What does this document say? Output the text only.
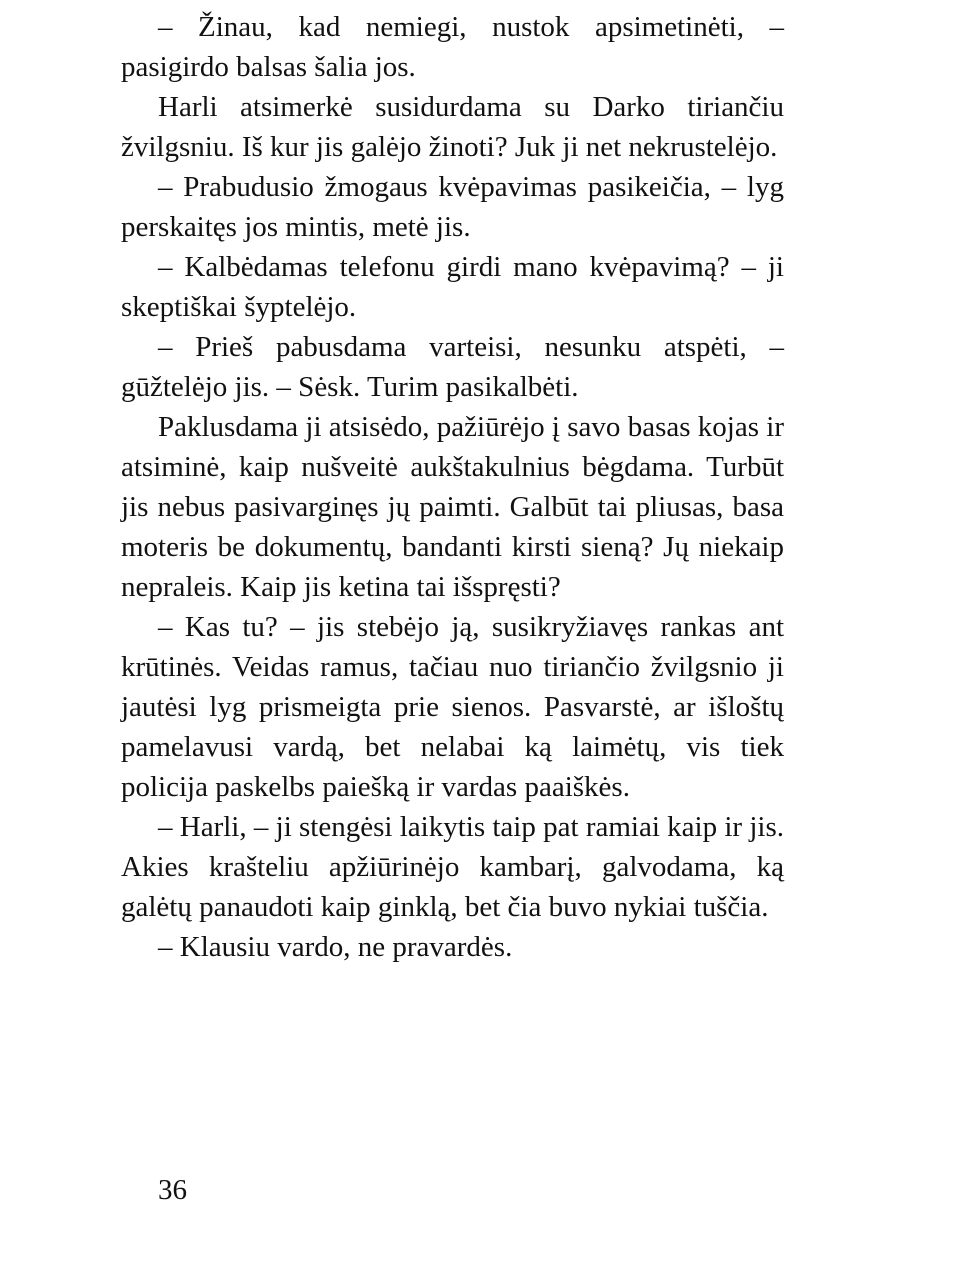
– Žinau, kad nemiegi, nustok apsimetinėti, – pasigirdo balsas šalia jos.

Harli atsimerkė susidurdama su Darko tiriančiu žvilgsniu. Iš kur jis galėjo žinoti? Juk ji net nekrustelėjo.

– Prabudusio žmogaus kvėpavimas pasikeičia, – lyg perskaitęs jos mintis, metė jis.

– Kalbėdamas telefonu girdi mano kvėpavimą? – ji skeptiškai šyptelėjo.

– Prieš pabusdama varteisi, nesunku atspėti, – gūžtelėjo jis. – Sėsk. Turim pasikalbėti.

Paklusdama ji atsisėdo, pažiūrėjo į savo basas kojas ir atsiminė, kaip nušveitė aukštakulnius bėgdama. Turbūt jis nebus pasivarginęs jų paimti. Galbūt tai pliusas, basa moteris be dokumentų, bandanti kirsti sieną? Jų niekaip nepraleis. Kaip jis ketina tai išspręsti?

– Kas tu? – jis stebėjo ją, susikryžiavęs rankas ant krūtinės. Veidas ramus, tačiau nuo tiriančio žvilgsnio ji jautėsi lyg prismeigta prie sienos. Pasvarstė, ar išloštų pamelavusi vardą, bet nelabai ką laimėtų, vis tiek policija paskelbs paiešką ir vardas paaiškės.

– Harli, – ji stengėsi laikytis taip pat ramiai kaip ir jis. Akies krašteliu apžiūrinėjo kambarį, galvodama, ką galėtų panaudoti kaip ginklą, bet čia buvo nykiai tuščia.

– Klausiu vardo, ne pravardės.

36
